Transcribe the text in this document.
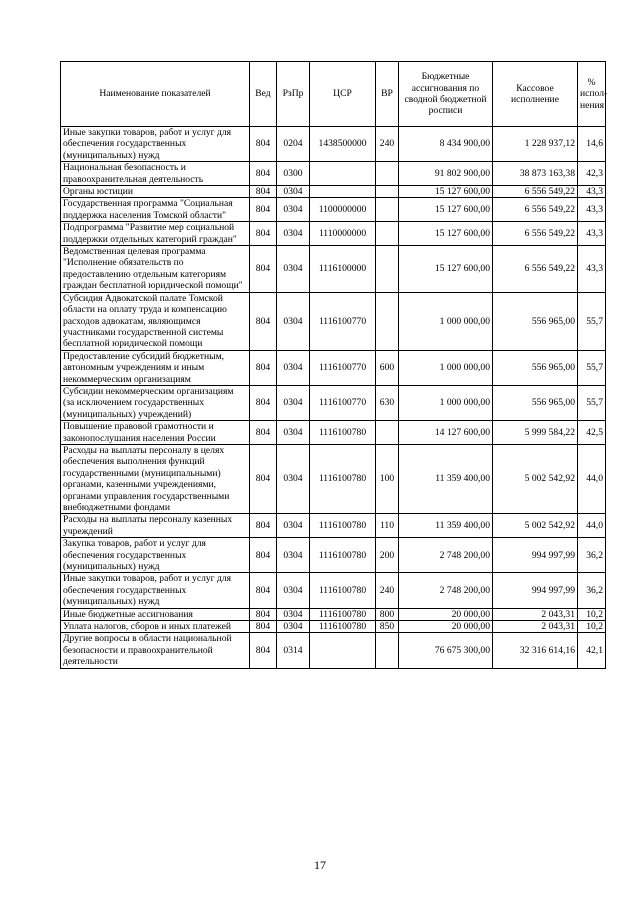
Наименование показателей	Вед	РзПр	ЦСР	ВР	Бюджетные ассигнования по сводной бюджетной росписи	Кассовое исполнение	% испол-нения
Иные закупки товаров, работ и услуг для обеспечения государственных (муниципальных) нужд	804	0204	1438500000	240	8 434 900,00	1 228 937,12	14,6
Национальная безопасность и правоохранительная деятельность	804	0300			91 802 900,00	38 873 163,38	42,3
Органы юстиции	804	0304			15 127 600,00	6 556 549,22	43,3
Государственная программа "Социальная поддержка населения Томской области"	804	0304	1100000000		15 127 600,00	6 556 549,22	43,3
Подпрограмма "Развитие мер социальной поддержки отдельных категорий граждан"	804	0304	1110000000		15 127 600,00	6 556 549,22	43,3
Ведомственная целевая программа "Исполнение обязательств по предоставлению отдельным категориям граждан бесплатной юридической помощи"	804	0304	1116100000		15 127 600,00	6 556 549,22	43,3
Субсидия Адвокатской палате Томской области на оплату труда и компенсацию расходов адвокатам, являющимся участниками государственной системы бесплатной юридической помощи	804	0304	1116100770		1 000 000,00	556 965,00	55,7
Предоставление субсидий бюджетным, автономным учреждениям и иным некоммерческим организациям	804	0304	1116100770	600	1 000 000,00	556 965,00	55,7
Субсидии некоммерческим организациям (за исключением государственных (муниципальных) учреждений)	804	0304	1116100770	630	1 000 000,00	556 965,00	55,7
Повышение правовой грамотности и законопослушания населения России	804	0304	1116100780		14 127 600,00	5 999 584,22	42,5
Расходы на выплаты персоналу в целях обеспечения выполнения функций государственными (муниципальными) органами, казенными учреждениями, органами управления государственными внебюджетными фондами	804	0304	1116100780	100	11 359 400,00	5 002 542,92	44,0
Расходы на выплаты персоналу казенных учреждений	804	0304	1116100780	110	11 359 400,00	5 002 542,92	44,0
Закупка товаров, работ и услуг для обеспечения государственных (муниципальных) нужд	804	0304	1116100780	200	2 748 200,00	994 997,99	36,2
Иные закупки товаров, работ и услуг для обеспечения государственных (муниципальных) нужд	804	0304	1116100780	240	2 748 200,00	994 997,99	36,2
Иные бюджетные ассигнования	804	0304	1116100780	800	20 000,00	2 043,31	10,2
Уплата налогов, сборов и иных платежей	804	0304	1116100780	850	20 000,00	2 043,31	10,2
Другие вопросы в области национальной безопасности и правоохранительной деятельности	804	0314			76 675 300,00	32 316 614,16	42,1
17
